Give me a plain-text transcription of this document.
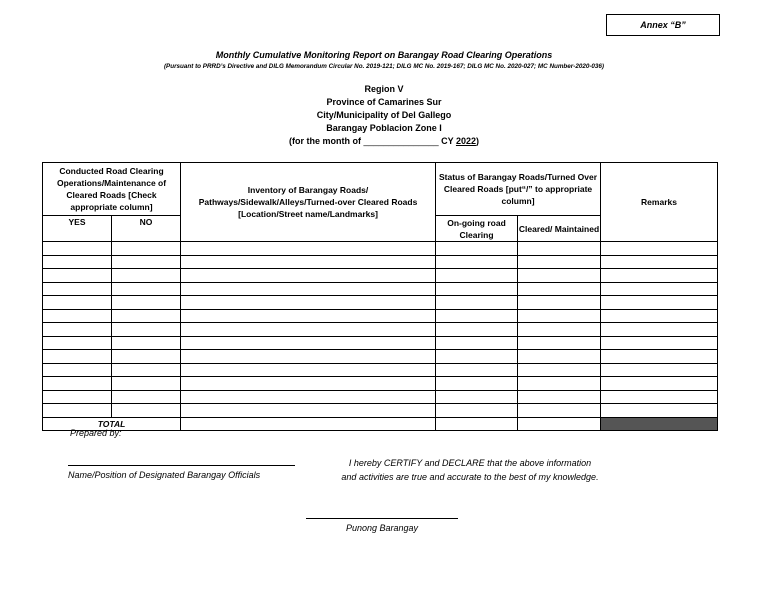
Annex “B”
Monthly Cumulative Monitoring Report on Barangay Road Clearing Operations
(Pursuant to PRRD’s Directive and DILG Memorandum Circular No. 2019-121; DILG MC No. 2019-167; DILG MC No. 2020-027; MC Number-2020-036)
Region V
Province of Camarines Sur
City/Municipality of Del Gallego
Barangay Poblacion Zone I
(for the month of _______________ CY 2022)
Conducted Road Clearing Operations/Maintenance of Cleared Roads [Check appropriate column]		Inventory of Barangay Roads/ Pathways/Sidewalk/Alleys/Turned-over Cleared Roads [Location/Street name/Landmarks]	Status of Barangay Roads/Turned Over Cleared Roads [put“/” to appropriate column]		Remarks
YES	NO		On-going road Clearing	Cleared/ Maintained	

TOTAL					
Prepared by:
Name/Position of Designated Barangay Officials
I hereby CERTIFY and DECLARE that the above information
and activities are true and accurate to the best of my knowledge.
Punong Barangay
